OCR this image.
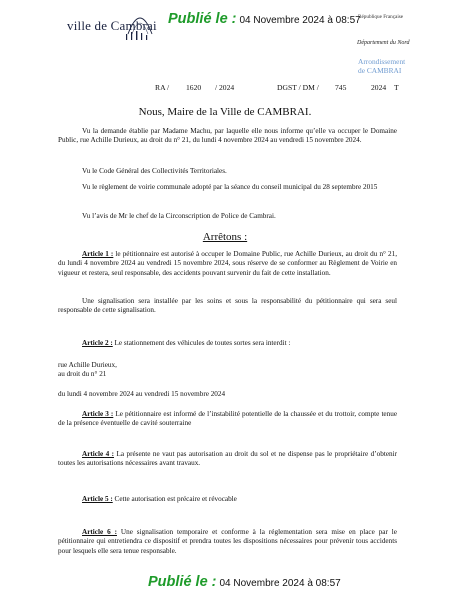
ville de Cambrai Publié le : 04 Novembre 2024 à 08:57
République Française
Département du Nord
Arrondissement
de CAMBRAI
RA / 1620 / 2024	DGST / DM / 745	2024 T
Nous, Maire de la Ville de CAMBRAI.
Vu la demande établie par Madame Machu, par laquelle elle nous informe qu’elle va occuper le Domaine Public, rue Achille Durieux, au droit du n° 21, du lundi 4 novembre 2024 au vendredi 15 novembre 2024.
Vu le Code Général des Collectivités Territoriales.
Vu le règlement de voirie communale adopté par la séance du conseil municipal du 28 septembre 2015
Vu l’avis de Mr le chef de la Circonscription de Police de Cambrai.
Arrêtons :
Article 1 : le pétitionnaire est autorisé à occuper le Domaine Public, rue Achille Durieux, au droit du n° 21, du lundi 4 novembre 2024 au vendredi 15 novembre 2024, sous réserve de se conformer au Règlement de Voirie en vigueur et restera, seul responsable, des accidents pouvant survenir du fait de cette installation.
Une signalisation sera installée par les soins et sous la responsabilité du pétitionnaire qui sera seul responsable de cette signalisation.
Article 2 : Le stationnement des véhicules de toutes sortes sera interdit :
rue Achille Durieux,
au droit du n° 21
du lundi 4 novembre 2024 au vendredi 15 novembre 2024
Article 3 : Le pétitionnaire est informé de l’instabilité potentielle de la chaussée et du trottoir, compte tenue de la présence éventuelle de cavité souterraine
Article 4 : La présente ne vaut pas autorisation au droit du sol et ne dispense pas le propriétaire d’obtenir toutes les autorisations nécessaires avant travaux.
Article 5 : Cette autorisation est précaire et révocable
Article 6 : Une signalisation temporaire et conforme à la réglementation sera mise en place par le pétitionnaire qui entretiendra ce dispositif et prendra toutes les dispositions nécessaires pour prévenir tous accidents pour lesquels elle sera tenue responsable.
Publié le : 04 Novembre 2024 à 08:57
